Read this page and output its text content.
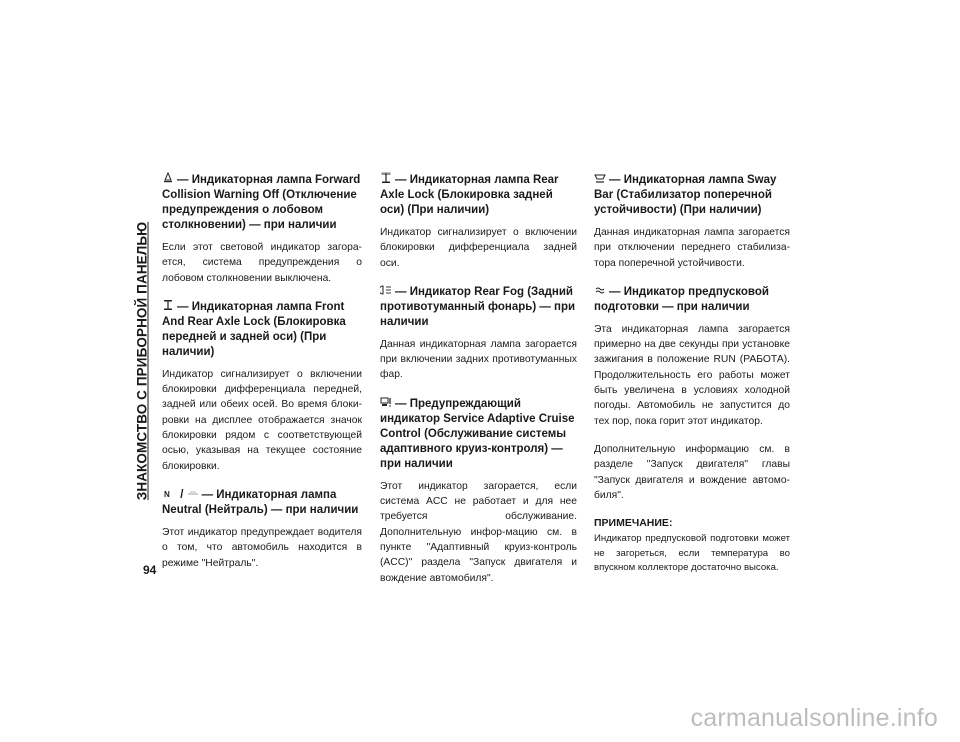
ЗНАКОМСТВО С ПРИБОРНОЙ ПАНЕЛЬЮ
94
— Индикаторная лампа Forward Collision Warning Off (Отключение предупреждения о лобовом столкновении) — при наличии

Если этот световой индикатор загора-ется, система предупреждения о лобовом столкновении выключена.

— Индикаторная лампа Front And Rear Axle Lock (Блокировка передней и задней оси) (При наличии)

Индикатор сигнализирует о включении блокировки дифференциала передней, задней или обеих осей. Во время блоки-ровки на дисплее отображается значок блокировки рядом с соответствующей осью, указывая на текущее состояние блокировки.

N /
— Индикаторная лампа Neutral (Нейтраль) — при наличии

Этот индикатор предупреждает водителя о том, что автомобиль находится в режиме "Нейтраль".

— Индикаторная лампа Rear Axle Lock (Блокировка задней оси) (При наличии)

Индикатор сигнализирует о включении блокировки дифференциала задней оси.

— Индикатор Rear Fog (Задний противотуманный фонарь) — при наличии

Данная индикаторная лампа загорается при включении задних противотуманных фар.

— Предупреждающий индикатор Service Adaptive Cruise Control (Обслуживание системы адаптивного круиз-контроля) — при наличии

Этот индикатор загорается, если система ACC не работает и для нее требуется обслуживание. Дополнительную инфор-мацию см. в пункте "Адаптивный круиз-контроль (ACC)" раздела "Запуск двигателя и вождение автомобиля".

— Индикаторная лампа Sway Bar (Стабилизатор поперечной устойчивости) (При наличии)

Данная индикаторная лампа загорается при отключении переднего стабилиза-тора поперечной устойчивости.

— Индикатор предпусковой подготовки — при наличии

Эта индикаторная лампа загорается примерно на две секунды при установке зажигания в положение RUN (РАБОТА). Продолжительность его работы может быть увеличена в условиях холодной погоды. Автомобиль не запустится до тех пор, пока горит этот индикатор.

Дополнительную информацию см. в разделе "Запуск двигателя" главы "Запуск двигателя и вождение автомо-биля".

ПРИМЕЧАНИЕ:

Индикатор предпусковой подготовки может не загореться, если температура во впускном коллекторе достаточно высока.

carmanualsonline.info
